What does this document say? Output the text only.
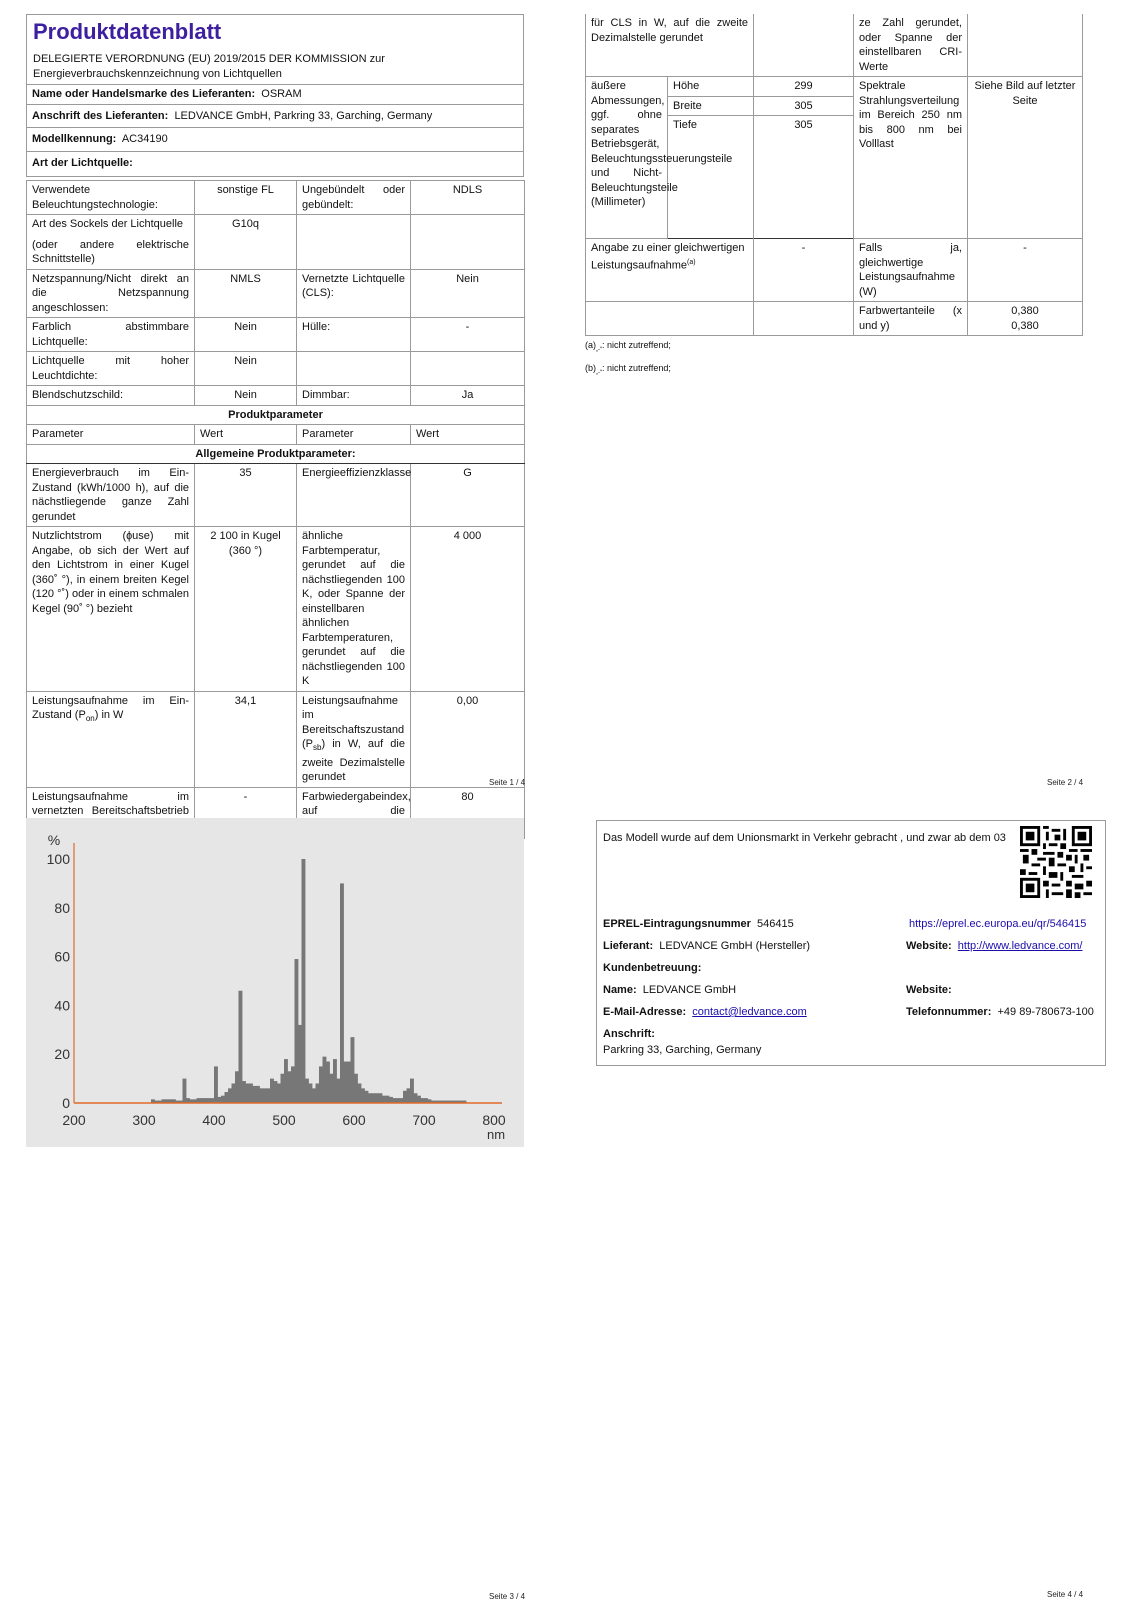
Produktdatenblatt
DELEGIERTE VERORDNUNG (EU) 2019/2015 DER KOMMISSION zur Energieverbrauchskennzeichnung von Lichtquellen

Name oder Handelsmarke des Lieferanten: OSRAM
Anschrift des Lieferanten: LEDVANCE GmbH, Parkring 33, Garching, Germany
Modellkennung: AC34190
Art der Lichtquelle:
Verwendete Beleuchtungstechnologie:	sonstige FL	Ungebündelt oder gebündelt:	NDLS
Art des Sockels der Lichtquelle	G10q		
(oder andere elektrische Schnittstelle)			
Netzspannung/Nicht direkt an die Netzspannung angeschlossen:	NMLS	Vernetzte Lichtquelle (CLS):	Nein
Farblich abstimmbare Lichtquelle:	Nein	Hülle:	-
Lichtquelle mit hoher Leuchtdichte:	Nein		
Blendschutzschild:	Nein	Dimmbar:	Ja
Produktparameter			
Parameter	Wert	Parameter	Wert
Allgemeine Produktparameter:			
Energieverbrauch im Ein-Zustand (kWh/1000 h), auf die nächstliegende ganze Zahl gerundet	35	Energieeffizienzklasse	G
Nutzlichtstrom (ɸuse) mit Angabe, ob sich der Wert auf den Lichtstrom in einer Kugel (360˚ °), in einem breiten Kegel (120 °˚) oder in einem schmalen Kegel (90˚ °) bezieht	2 100 in Kugel (360 °)	ähnliche Farbtemperatur, gerundet auf die nächstliegenden 100 K, oder Spanne der einstellbaren ähnlichen Farbtemperaturen, gerundet auf die nächstliegenden 100 K	4 000
Leistungsaufnahme im Ein-Zustand $(P_{on})$ in W	34,1	Leistungsaufnahme im Bereitschaftszustand $(P_{sb})$ in W, auf die zweite Dezimalstelle gerundet	0,00
Leistungsaufnahme im vernetzten Bereitschaftsbetrieb	-	Farbwiedergabeindex, auf die	80
Seite 1 / 4
für CLS in W, auf die zweite Dezimalstelle gerundet			ze Zahl gerundet, oder Spanne der einstellbaren CRI-Werte	
äußere Abmessungen, ggf. ohne separates Betriebsgerät, Beleuchtungssteuerungsteile und Nicht-Beleuchtungsteile (Millimeter)	Höhe	299	Spektrale Strahlungsverteilung im Bereich 250 nm bis 800 nm bei Volllast	Siehe Bild auf letzter Seite
	Breite	305		
	Tiefe	305		
Angabe zu einer gleichwertigen Leistungsaufnahme$^{(a)}$		-	Falls ja, gleichwertige Leistungsaufnahme (W)	-
			Farbwertanteile (x und y)	0,380
0,380
$(a)_{„-“}$: nicht zutreffend;
$(b)_{„-“}$: nicht zutreffend;
Seite 2 / 4
0
20
40
60
80
100
200	300	400	500	600	700	800
%
nm
Seite 3 / 4
Das Modell wurde auf dem Unionsmarkt in Verkehr gebracht , und zwar ab dem 03
EPREL-Eintragungsnummer 546415	https://eprel.ec.europa.eu/qr/546415
Lieferant: LEDVANCE GmbH (Hersteller)	Website: http://www.ledvance.com/
Kundenbetreuung:
Name: LEDVANCE GmbH	Website:
E-Mail-Adresse: contact@ledvance.com	Telefonnummer: +49 89-780673-100
Anschrift:
Parkring 33, Garching, Germany
Seite 4 / 4
